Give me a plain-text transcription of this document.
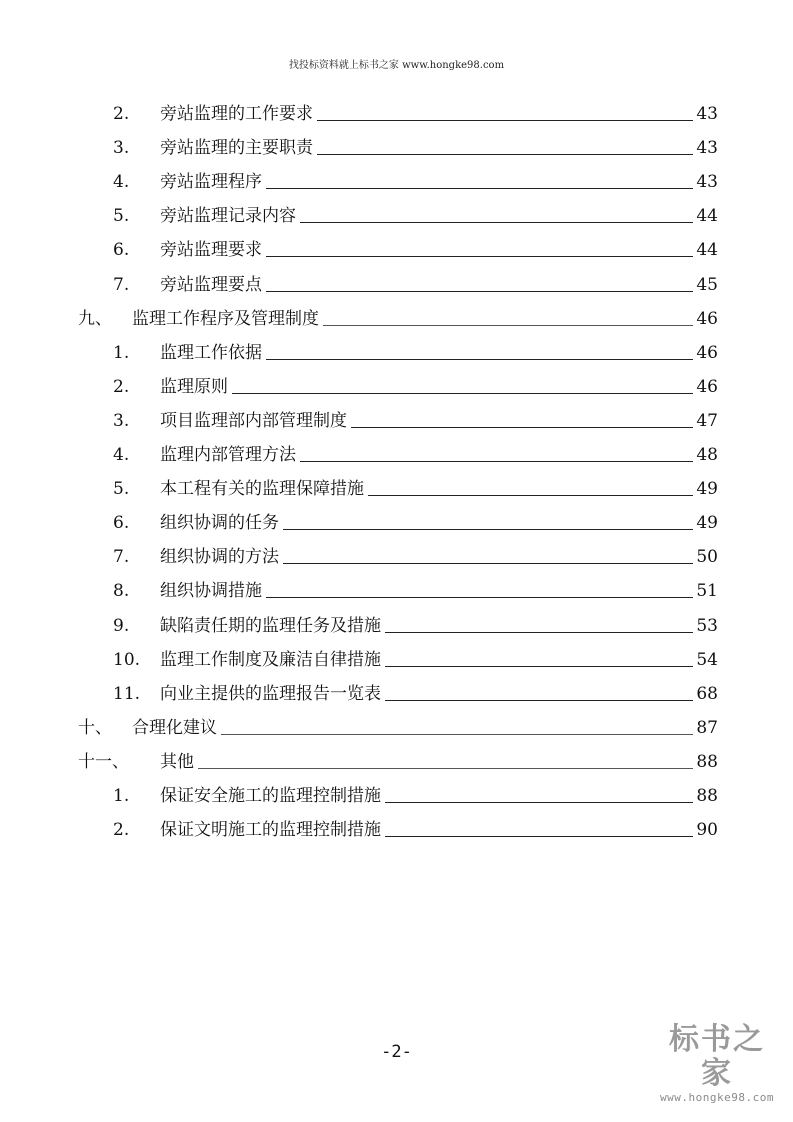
找投标资料就上标书之家 www.hongke98.com
2. 旁站监理的工作要求	43
3. 旁站监理的主要职责	43
4. 旁站监理程序	43
5. 旁站监理记录内容	44
6. 旁站监理要求	44
7. 旁站监理要点	45
九、 监理工作程序及管理制度	46
1. 监理工作依据	46
2. 监理原则	46
3. 项目监理部内部管理制度	47
4. 监理内部管理方法	48
5. 本工程有关的监理保障措施	49
6. 组织协调的任务	49
7. 组织协调的方法	50
8. 组织协调措施	51
9. 缺陷责任期的监理任务及措施	53
10. 监理工作制度及廉洁自律措施	54
11. 向业主提供的监理报告一览表	68
十、 合理化建议	87
十一、 其他	88
1. 保证安全施工的监理控制措施	88
2. 保证文明施工的监理控制措施	90
-2-	标书之家
www.hongke98.com
